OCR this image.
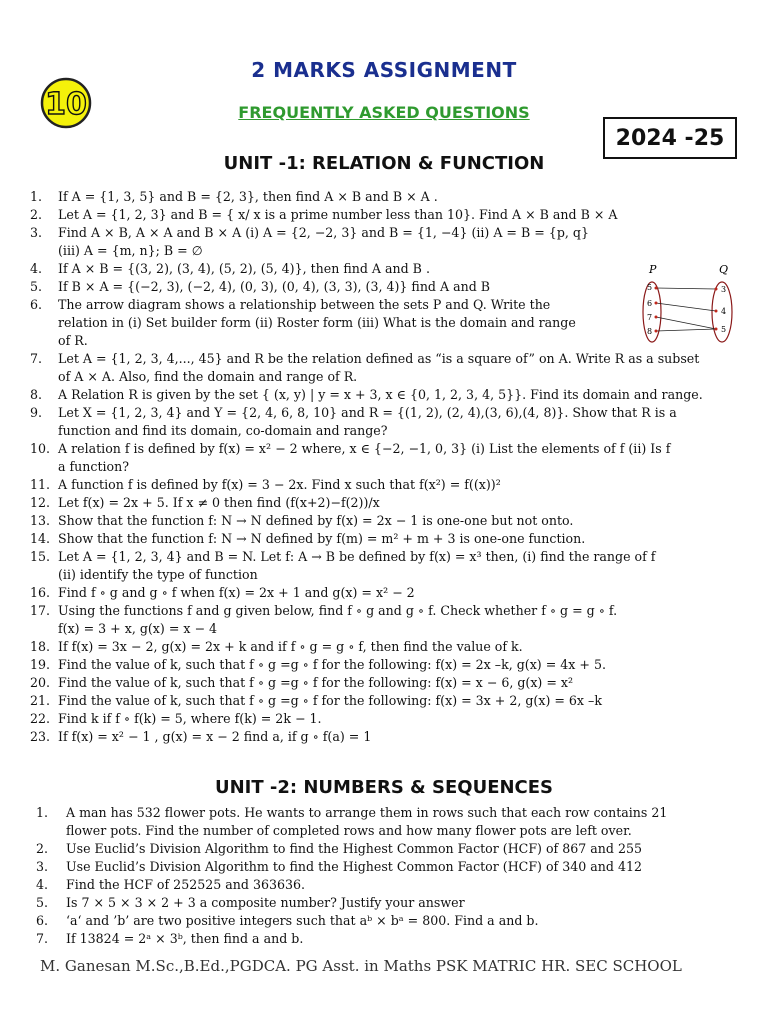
10
2 MARKS ASSIGNMENT
FREQUENTLY ASKED QUESTIONS
2024 -25
UNIT -1: RELATION & FUNCTION
1.	If A = {1, 3, 5} and B = {2, 3}, then find A × B and B × A .
2.	Let A = {1, 2, 3} and B = { x/ x is a prime number less than 10}. Find A × B and B × A
3.	Find A × B, A × A and B × A (i) A = {2, −2, 3} and B = {1, −4} (ii) A = B = {p, q}
(iii) A = {m, n}; B = ∅
4.	If A × B = {(3, 2), (3, 4), (5, 2), (5, 4)}, then find A and B .
5.	If B × A = {(−2, 3), (−2, 4), (0, 3), (0, 4), (3, 3), (3, 4)} find A and B
6.	The arrow diagram shows a relationship between the sets P and Q. Write the
relation in (i) Set builder form (ii) Roster form (iii) What is the domain and range
of R.
7.	Let A = {1, 2, 3, 4,..., 45} and R be the relation defined as “is a square of” on A. Write R as a subset
of A × A. Also, find the domain and range of R.
8.	A Relation R is given by the set { (x, y) | y = x + 3, x ∈ {0, 1, 2, 3, 4, 5}}. Find its domain and range.
9.	Let X = {1, 2, 3, 4} and Y = {2, 4, 6, 8, 10} and R = {(1, 2), (2, 4),(3, 6),(4, 8)}. Show that R is a
function and find its domain, co-domain and range?
10. A relation f is defined by f(x) = x² − 2 where, x ∈ {−2, −1, 0, 3} (i) List the elements of f (ii) Is f
a function?
11. A function f is defined by f(x) = 3 − 2x. Find x such that f(x²) = f((x))²
12. Let f(x) = 2x + 5. If x ≠ 0 then find (f(x+2)−f(2))/x
13. Show that the function f: N → N defined by f(x) = 2x − 1 is one-one but not onto.
14. Show that the function f: N → N defined by f(m) = m² + m + 3 is one-one function.
15. Let A = {1, 2, 3, 4} and B = N. Let f: A → B be defined by f(x) = x³ then, (i) find the range of f
(ii) identify the type of function
16. Find f ∘ g and g ∘ f when f(x) = 2x + 1 and g(x) = x² − 2
17. Using the functions f and g given below, find f ∘ g and g ∘ f. Check whether f ∘ g = g ∘ f.
f(x) = 3 + x, g(x) = x − 4
18. If f(x) = 3x − 2, g(x) = 2x + k and if f ∘ g = g ∘ f, then find the value of k.
19. Find the value of k, such that f ∘ g =g ∘ f for the following: f(x) = 2x –k, g(x) = 4x + 5.
20. Find the value of k, such that f ∘ g =g ∘ f for the following: f(x) = x − 6, g(x) = x²
21. Find the value of k, such that f ∘ g =g ∘ f for the following: f(x) = 3x + 2, g(x) = 6x –k
22. Find k if f ∘ f(k) = 5, where f(k) = 2k − 1.
23. If f(x) = x² − 1 , g(x) = x − 2 find a, if g ∘ f(a) = 1
P	Q
5
6
7
8
3
4
5
UNIT -2: NUMBERS & SEQUENCES
1.	A man has 532 flower pots. He wants to arrange them in rows such that each row contains 21
flower pots. Find the number of completed rows and how many flower pots are left over.
2.	Use Euclid’s Division Algorithm to find the Highest Common Factor (HCF) of 867 and 255
3.	Use Euclid’s Division Algorithm to find the Highest Common Factor (HCF) of 340 and 412
4.	Find the HCF of 252525 and 363636.
5.	Is 7 × 5 × 3 × 2 + 3 a composite number? Justify your answer
6.	‘a‘ and ’b’ are two positive integers such that aᵇ × bᵃ = 800. Find a and b.
7.	If 13824 = 2ᵃ × 3ᵇ, then find a and b.
M. Ganesan M.Sc.,B.Ed.,PGDCA. PG Asst. in Maths PSK MATRIC HR. SEC SCHOOL
